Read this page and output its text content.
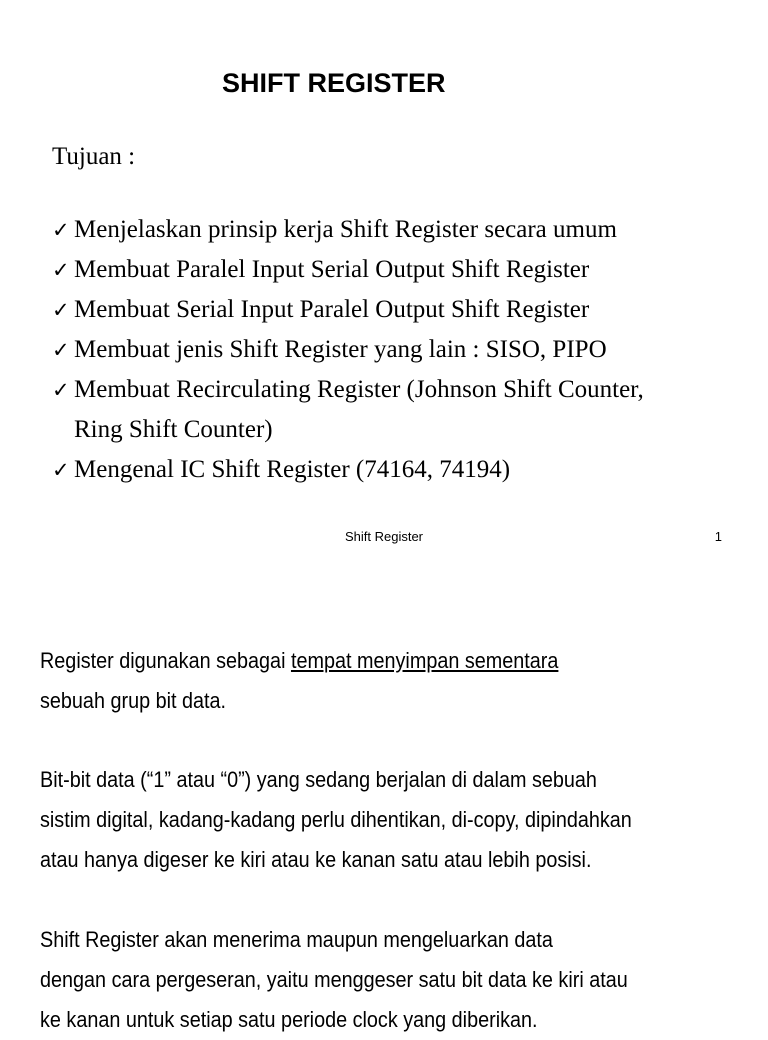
SHIFT REGISTER
Tujuan :
✓ Menjelaskan prinsip kerja Shift Register secara umum
✓ Membuat Paralel Input Serial Output Shift Register
✓ Membuat Serial Input Paralel Output Shift Register
✓ Membuat jenis Shift Register yang lain : SISO, PIPO
✓ Membuat Recirculating Register (Johnson Shift Counter,
Ring Shift Counter)
✓ Mengenal IC Shift Register (74164, 74194)
Shift Register	1

Register digunakan sebagai tempat menyimpan sementara
sebuah grup bit data.

Bit-bit data (“1” atau “0”) yang sedang berjalan di dalam sebuah
sistim digital, kadang-kadang perlu dihentikan, di-copy, dipindahkan
atau hanya digeser ke kiri atau ke kanan satu atau lebih posisi.

Shift Register akan menerima maupun mengeluarkan data
dengan cara pergeseran, yaitu menggeser satu bit data ke kiri atau
ke kanan untuk setiap satu periode clock yang diberikan.
